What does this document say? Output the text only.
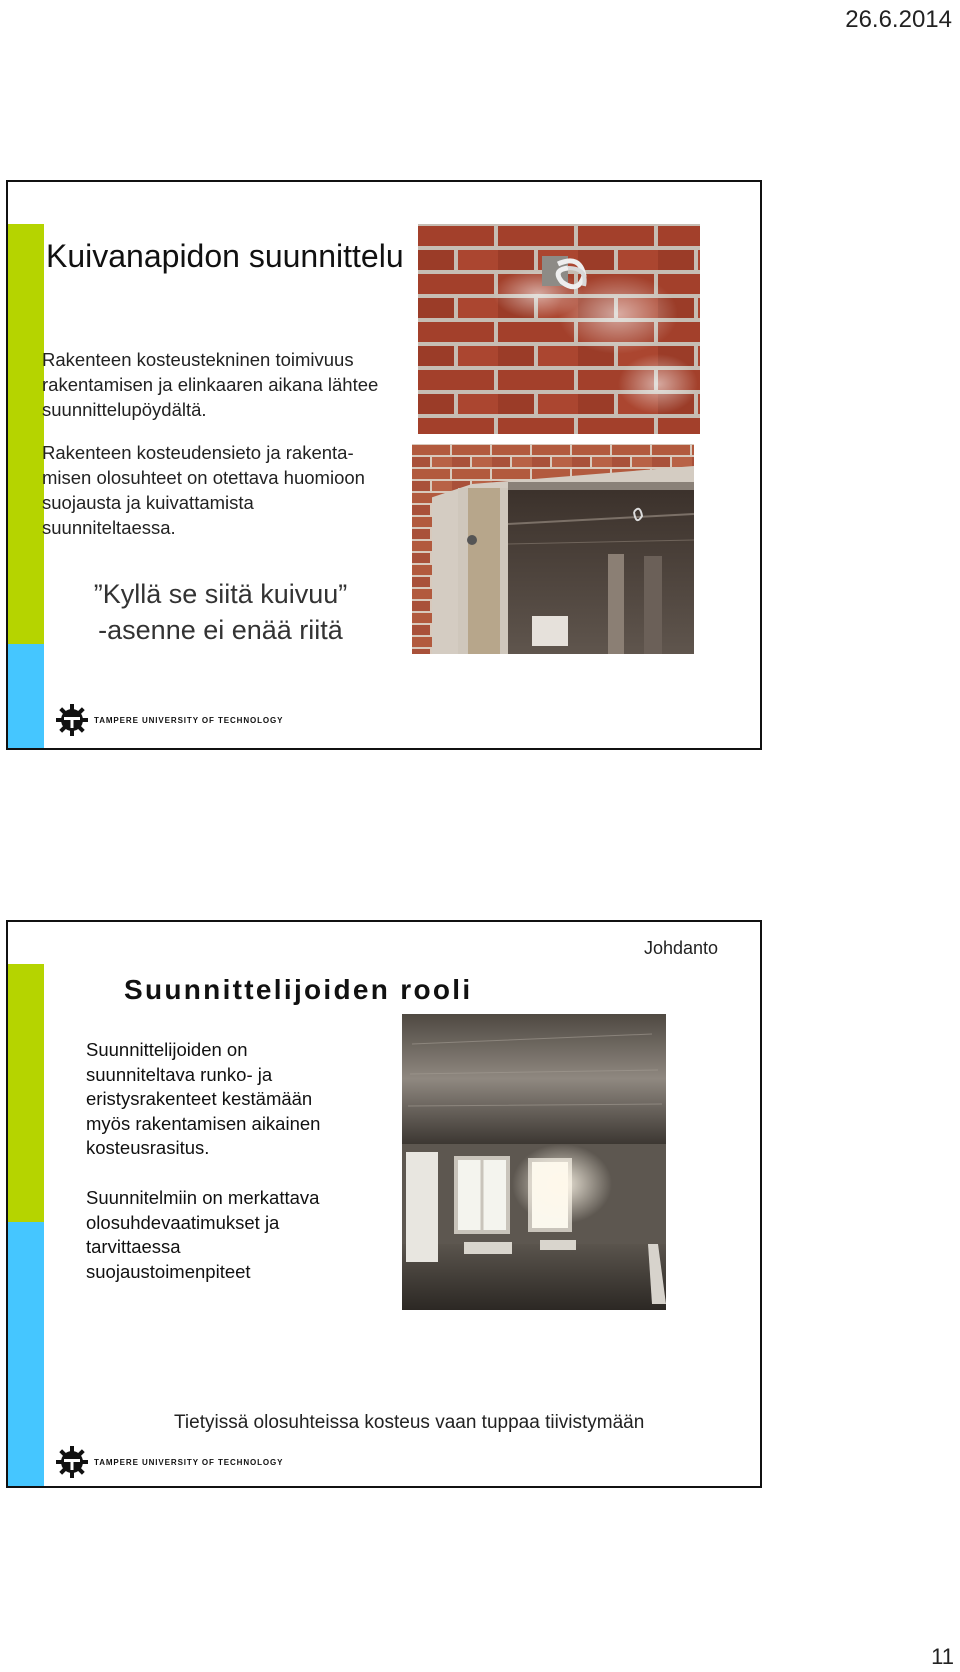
26.6.2014
Kuivanapidon suunnittelu
Rakenteen kosteustekninen toimivuus
rakentamisen ja elinkaaren aikana lähtee
suunnittelupöydältä.
Rakenteen kosteudensieto ja rakenta-
misen olosuhteet on otettava huomioon
suojausta ja kuivattamista
suunniteltaessa.
”Kyllä se siitä kuivuu”
-asenne ei enää riitä
TAMPERE UNIVERSITY OF TECHNOLOGY
Johdanto
Suunnittelijoiden rooli
Suunnittelijoiden on
suunniteltava runko- ja
eristysrakenteet kestämään
myös rakentamisen aikainen
kosteusrasitus.
Suunnitelmiin on merkattava
olosuhdevaatimukset ja
tarvittaessa
suojaustoimenpiteet
Tietyissä olosuhteissa kosteus vaan tuppaa tiivistymään
TAMPERE UNIVERSITY OF TECHNOLOGY
11
